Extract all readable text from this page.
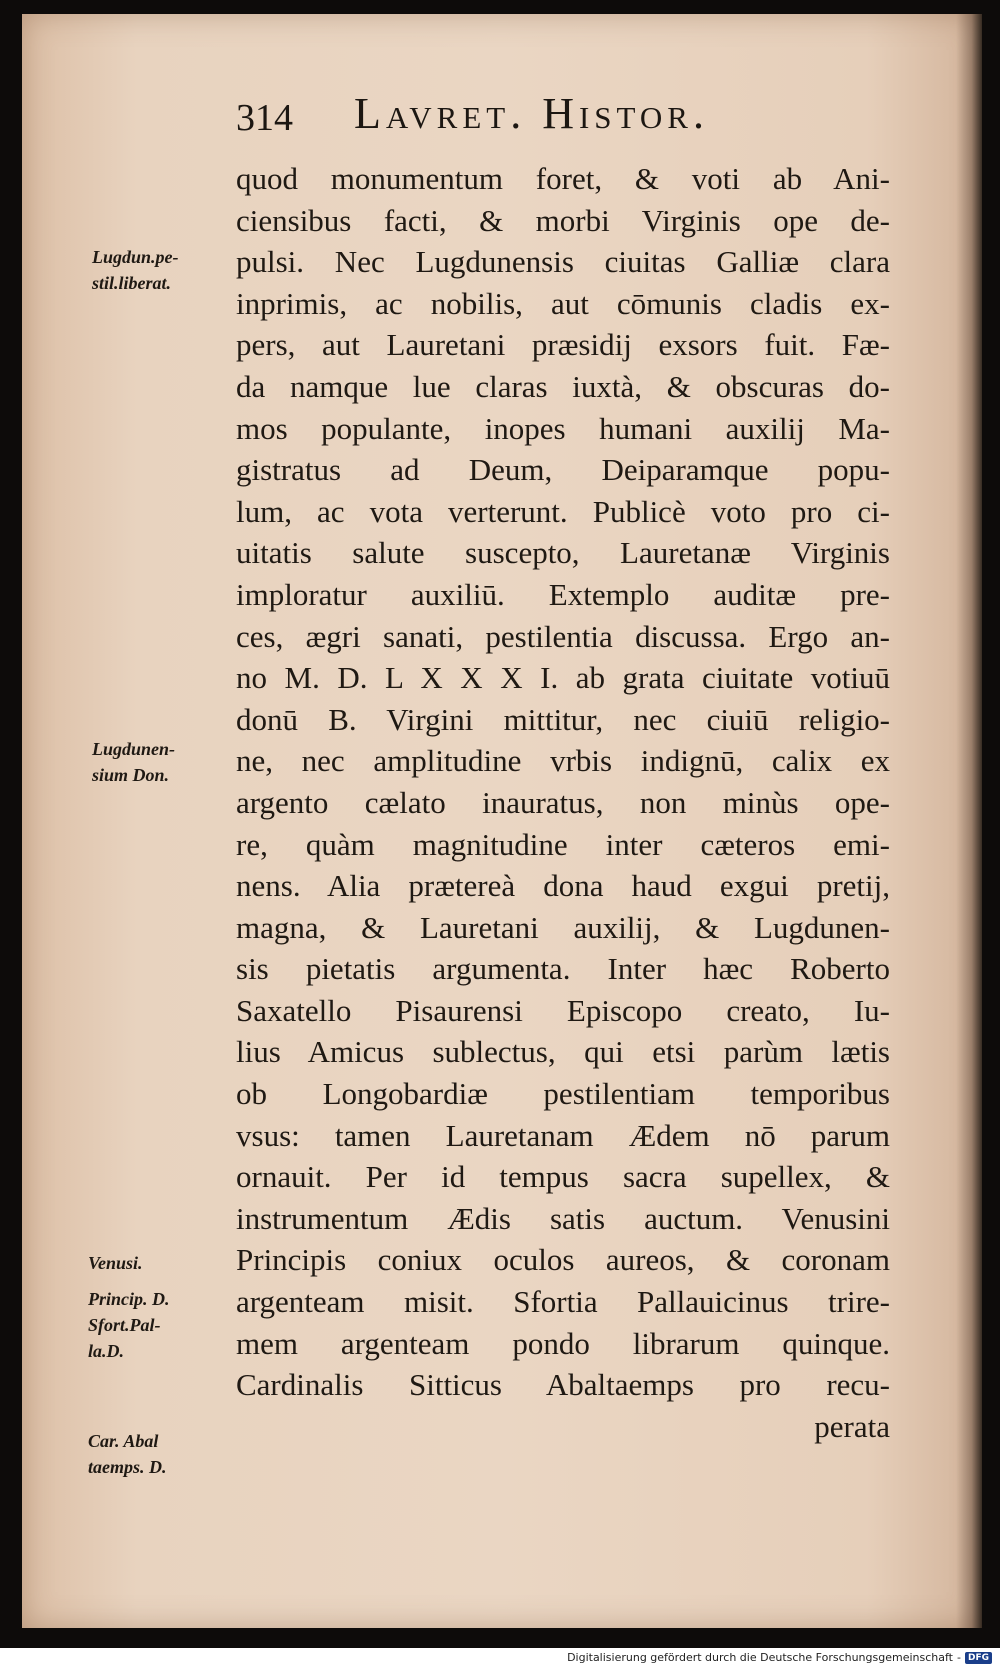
314 Lavret. Histor.
Lugdun.pe-
stil.liberat.
Lugdunen-
sium Don.
Venusi.
Princip. D.
Sfort.Pal-
la.D.
Car. Abal
taemps. D.
quod monumentum foret, & voti ab Ani-
ciensibus facti, & morbi Virginis ope de-
pulsi. Nec Lugdunensis ciuitas Galliæ clara
inprimis, ac nobilis, aut cōmunis cladis ex-
pers, aut Lauretani præsidij exsors fuit. Fæ-
da namque lue claras iuxtà, & obscuras do-
mos populante, inopes humani auxilij Ma-
gistratus ad Deum, Deiparamque popu-
lum, ac vota verterunt. Publicè voto pro ci-
uitatis salute suscepto, Lauretanæ Virginis
imploratur auxiliū. Extemplo auditæ pre-
ces, ægri sanati, pestilentia discussa. Ergo an-
no M. D. L X X X I. ab grata ciuitate votiuū
donū B. Virgini mittitur, nec ciuiū religio-
ne, nec amplitudine vrbis indignū, calix ex
argento cælato inauratus, non minùs ope-
re, quàm magnitudine inter cæteros emi-
nens. Alia prætereà dona haud exgui pretij,
magna, & Lauretani auxilij, & Lugdunen-
sis pietatis argumenta. Inter hæc Roberto
Saxatello Pisaurensi Episcopo creato, Iu-
lius Amicus sublectus, qui etsi parùm lætis
ob Longobardiæ pestilentiam temporibus
vsus: tamen Lauretanam Ædem nō parum
ornauit. Per id tempus sacra supellex, &
instrumentum Ædis satis auctum. Venusini
Principis coniux oculos aureos, & coronam
argenteam misit. Sfortia Pallauicinus trire-
mem argenteam pondo librarum quinque.
Cardinalis Sitticus Abaltaemps pro recu-
perata
Digitalisierung gefördert durch die Deutsche Forschungsgemeinschaft - DFG
